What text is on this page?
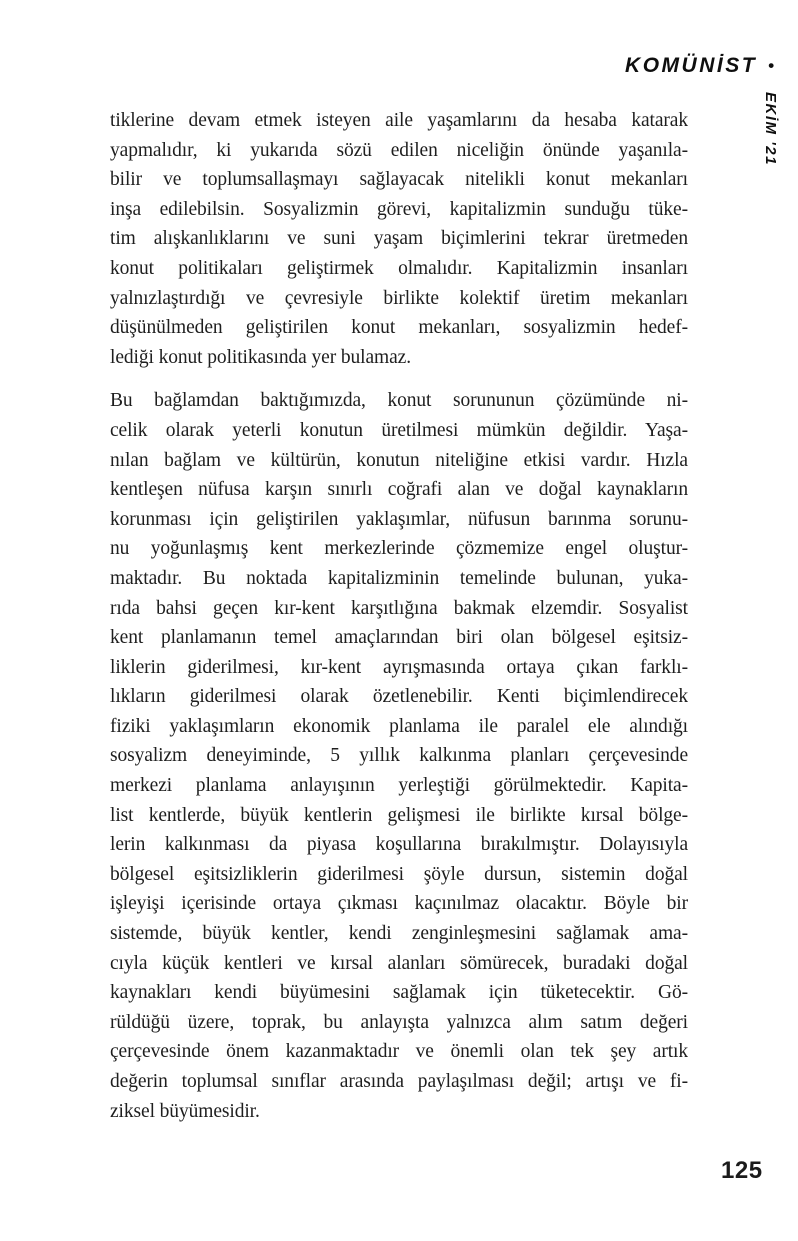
KOMÜNİST •
EKİM '21
tiklerine devam etmek isteyen aile yaşamlarını da hesaba katarak
yapmalıdır, ki yukarıda sözü edilen niceliğin önünde yaşanıla-
bilir ve toplumsallaşmayı sağlayacak nitelikli konut mekanları
inşa edilebilsin. Sosyalizmin görevi, kapitalizmin sunduğu tüke-
tim alışkanlıklarını ve suni yaşam biçimlerini tekrar üretmeden
konut politikaları geliştirmek olmalıdır. Kapitalizmin insanları
yalnızlaştırdığı ve çevresiyle birlikte kolektif üretim mekanları
düşünülmeden geliştirilen konut mekanları, sosyalizmin hedef-
lediği konut politikasında yer bulamaz.
Bu bağlamdan baktığımızda, konut sorununun çözümünde ni-
celik olarak yeterli konutun üretilmesi mümkün değildir. Yaşa-
nılan bağlam ve kültürün, konutun niteliğine etkisi vardır. Hızla
kentleşen nüfusa karşın sınırlı coğrafi alan ve doğal kaynakların
korunması için geliştirilen yaklaşımlar, nüfusun barınma sorunu-
nu yoğunlaşmış kent merkezlerinde çözmemize engel oluştur-
maktadır. Bu noktada kapitalizminin temelinde bulunan, yuka-
rıda bahsi geçen kır-kent karşıtlığına bakmak elzemdir. Sosyalist
kent planlamanın temel amaçlarından biri olan bölgesel eşitsiz-
liklerin giderilmesi, kır-kent ayrışmasında ortaya çıkan farklı-
lıkların giderilmesi olarak özetlenebilir. Kenti biçimlendirecek
fiziki yaklaşımların ekonomik planlama ile paralel ele alındığı
sosyalizm deneyiminde, 5 yıllık kalkınma planları çerçevesinde
merkezi planlama anlayışının yerleştiği görülmektedir. Kapita-
list kentlerde, büyük kentlerin gelişmesi ile birlikte kırsal bölge-
lerin kalkınması da piyasa koşullarına bırakılmıştır. Dolayısıyla
bölgesel eşitsizliklerin giderilmesi şöyle dursun, sistemin doğal
işleyişi içerisinde ortaya çıkması kaçınılmaz olacaktır. Böyle bir
sistemde, büyük kentler, kendi zenginleşmesini sağlamak ama-
cıyla küçük kentleri ve kırsal alanları sömürecek, buradaki doğal
kaynakları kendi büyümesini sağlamak için tüketecektir. Gö-
rüldüğü üzere, toprak, bu anlayışta yalnızca alım satım değeri
çerçevesinde önem kazanmaktadır ve önemli olan tek şey artık
değerin toplumsal sınıflar arasında paylaşılması değil; artışı ve fi-
ziksel büyümesidir.
125
